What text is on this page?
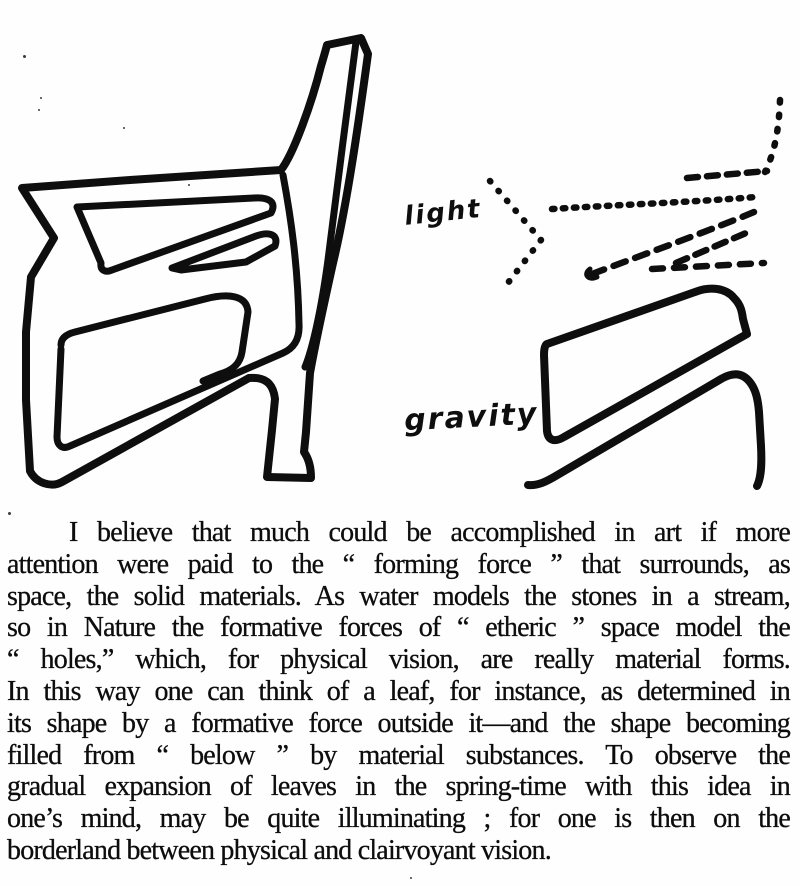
light
gravity
I believe that much could be accomplished in art if more
attention were paid to the “ forming force ” that surrounds, as
space, the solid materials. As water models the stones in a stream,
so in Nature the formative forces of “ etheric ” space model the
“ holes,” which, for physical vision, are really material forms.
In this way one can think of a leaf, for instance, as determined in
its shape by a formative force outside it—and the shape becoming
filled from “ below ” by material substances. To observe the
gradual expansion of leaves in the spring-time with this idea in
one’s mind, may be quite illuminating ; for one is then on the
borderland between physical and clairvoyant vision.
